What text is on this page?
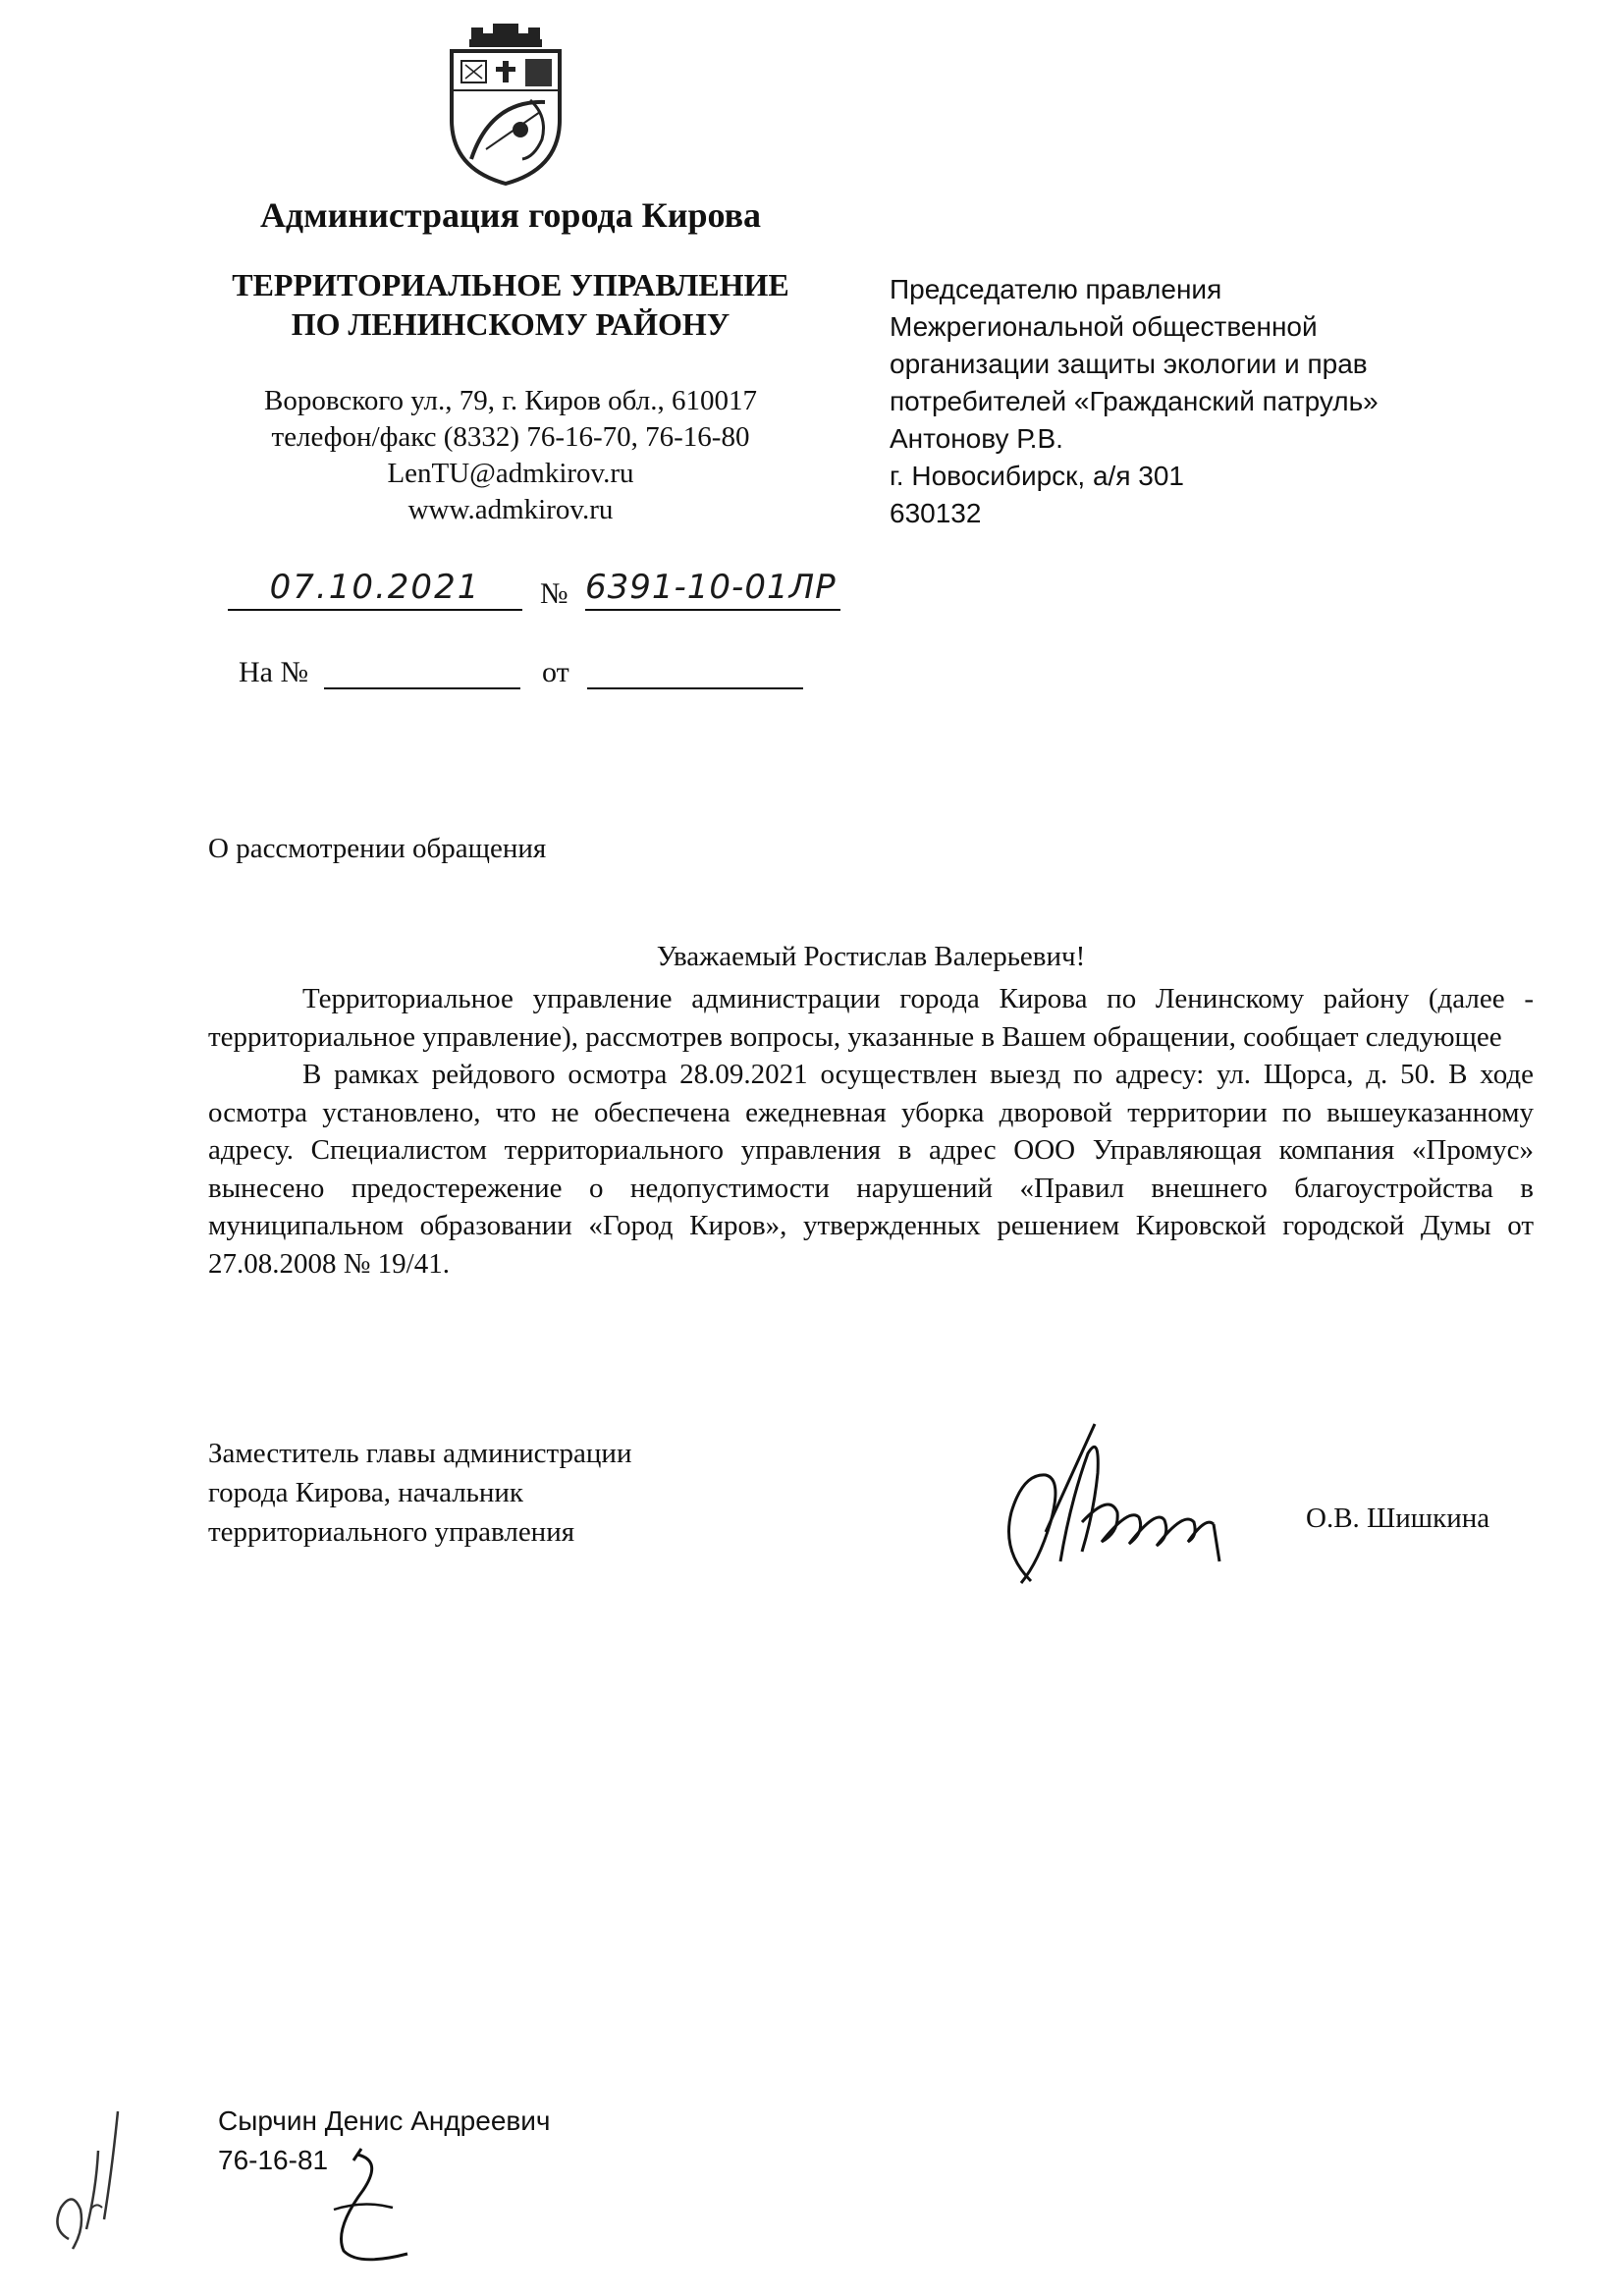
Администрация города Кирова
ТЕРРИТОРИАЛЬНОЕ УПРАВЛЕНИЕ
ПО ЛЕНИНСКОМУ РАЙОНУ
Воровского ул., 79, г. Киров обл., 610017
телефон/факс (8332) 76-16-70, 76-16-80
LenTU@admkirov.ru
www.admkirov.ru
Председателю правления
Межрегиональной общественной
организации защиты экологии и прав
потребителей «Гражданский патруль»
Антонову Р.В.
г. Новосибирск, а/я 301
630132
07.10.2021	№ 6391-10-01ЛР
На №	от
О рассмотрении обращения
Уважаемый Ростислав Валерьевич!

Территориальное управление администрации города Кирова по Ленинскому району (далее - территориальное управление), рассмотрев вопросы, указанные в Вашем обращении, сообщает следующее

В рамках рейдового осмотра 28.09.2021 осуществлен выезд по адресу: ул. Щорса, д. 50. В ходе осмотра установлено, что не обеспечена ежедневная уборка дворовой территории по вышеуказанному адресу. Специалистом территориального управления в адрес ООО Управляющая компания «Промус» вынесено предостережение о недопустимости нарушений «Правил внешнего благоустройства в муниципальном образовании «Город Киров», утвержденных решением Кировской городской Думы от 27.08.2008 № 19/41.

Заместитель главы администрации
города Кирова, начальник
территориального управления	О.В. Шишкина
Сырчин Денис Андреевич
76-16-81
